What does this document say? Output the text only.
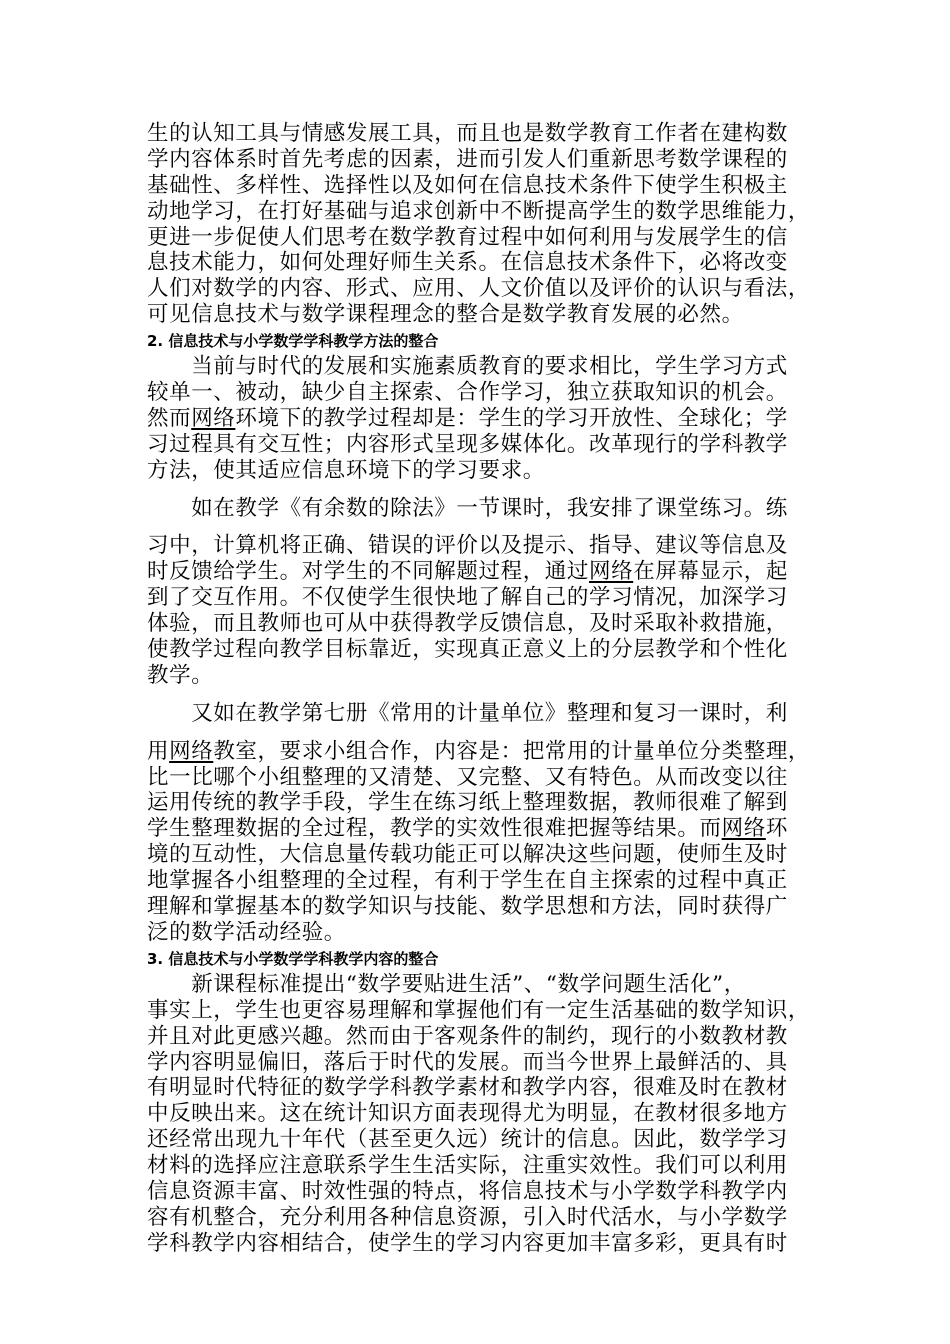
生的认知工具与情感发展工具，而且也是数学教育工作者在建构数
学内容体系时首先考虑的因素，进而引发人们重新思考数学课程的
基础性、多样性、选择性以及如何在信息技术条件下使学生积极主
动地学习，在打好基础与追求创新中不断提高学生的数学思维能力，
更进一步促使人们思考在数学教育过程中如何利用与发展学生的信
息技术能力，如何处理好师生关系。在信息技术条件下，必将改变
人们对数学的内容、形式、应用、人文价值以及评价的认识与看法，
可见信息技术与数学课程理念的整合是数学教育发展的必然。
2. 信息技术与小学数学学科教学方法的整合
　　当前与时代的发展和实施素质教育的要求相比，学生学习方式
较单一、被动，缺少自主探索、合作学习，独立获取知识的机会。
然而网络环境下的教学过程却是：学生的学习开放性、全球化；学
习过程具有交互性；内容形式呈现多媒体化。改革现行的学科教学
方法，使其适应信息环境下的学习要求。
　　如在教学《有余数的除法》一节课时，我安排了课堂练习。练
习中，计算机将正确、错误的评价以及提示、指导、建议等信息及
时反馈给学生。对学生的不同解题过程，通过网络在屏幕显示，起
到了交互作用。不仅使学生很快地了解自己的学习情况，加深学习
体验，而且教师也可从中获得教学反馈信息，及时采取补救措施，
使教学过程向教学目标靠近，实现真正意义上的分层教学和个性化
教学。
　　又如在教学第七册《常用的计量单位》整理和复习一课时，利
用网络教室，要求小组合作，内容是：把常用的计量单位分类整理，
比一比哪个小组整理的又清楚、又完整、又有特色。从而改变以往
运用传统的教学手段，学生在练习纸上整理数据，教师很难了解到
学生整理数据的全过程，教学的实效性很难把握等结果。而网络环
境的互动性，大信息量传载功能正可以解决这些问题，使师生及时
地掌握各小组整理的全过程，有利于学生在自主探索的过程中真正
理解和掌握基本的数学知识与技能、数学思想和方法，同时获得广
泛的数学活动经验。
3. 信息技术与小学数学学科教学内容的整合
　　新课程标准提出“数学要贴进生活”、“数学问题生活化”，
事实上，学生也更容易理解和掌握他们有一定生活基础的数学知识，
并且对此更感兴趣。然而由于客观条件的制约，现行的小数教材教
学内容明显偏旧，落后于时代的发展。而当今世界上最鲜活的、具
有明显时代特征的数学学科教学素材和教学内容，很难及时在教材
中反映出来。这在统计知识方面表现得尤为明显，在教材很多地方
还经常出现九十年代（甚至更久远）统计的信息。因此，数学学习
材料的选择应注意联系学生生活实际，注重实效性。我们可以利用
信息资源丰富、时效性强的特点，将信息技术与小学数学科教学内
容有机整合，充分利用各种信息资源，引入时代活水，与小学数学
学科教学内容相结合，使学生的学习内容更加丰富多彩，更具有时
